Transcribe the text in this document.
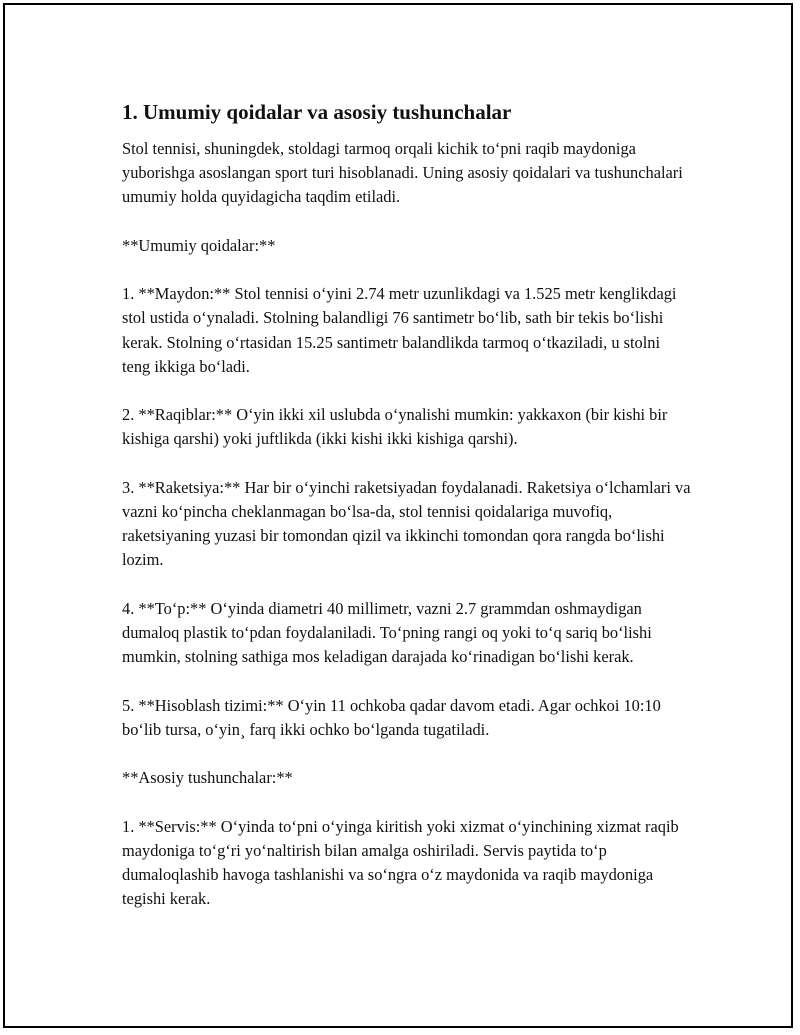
1. Umumiy qoidalar va asosiy tushunchalar

Stol tennisi, shuningdek, stoldagi tarmoq orqali kichik to‘pni raqib maydoniga yuborishga asoslangan sport turi hisoblanadi. Uning asosiy qoidalari va tushunchalari umumiy holda quyidagicha taqdim etiladi.

**Umumiy qoidalar:**

1. **Maydon:** Stol tennisi o‘yini 2.74 metr uzunlikdagi va 1.525 metr kenglikdagi stol ustida o‘ynaladi. Stolning balandligi 76 santimetr bo‘lib, sath bir tekis bo‘lishi kerak. Stolning o‘rtasidan 15.25 santimetr balandlikda tarmoq o‘tkaziladi, u stolni teng ikkiga bo‘ladi.

2. **Raqiblar:** O‘yin ikki xil uslubda o‘ynalishi mumkin: yakkaxon (bir kishi bir kishiga qarshi) yoki juftlikda (ikki kishi ikki kishiga qarshi).

3. **Raketsiya:** Har bir o‘yinchi raketsiyadan foydalanadi. Raketsiya o‘lchamlari va vazni ko‘pincha cheklanmagan bo‘lsa-da, stol tennisi qoidalariga muvofiq, raketsiyaning yuzasi bir tomondan qizil va ikkinchi tomondan qora rangda bo‘lishi lozim.

4. **To‘p:** O‘yinda diametri 40 millimetr, vazni 2.7 grammdan oshmaydigan dumaloq plastik to‘pdan foydalaniladi. To‘pning rangi oq yoki to‘q sariq bo‘lishi mumkin, stolning sathiga mos keladigan darajada ko‘rinadigan bo‘lishi kerak.

5. **Hisoblash tizimi:** O‘yin 11 ochkoba qadar davom etadi. Agar ochkoi 10:10 bo‘lib tursa, o‘yin¸ farq ikki ochko bo‘lganda tugatiladi.

**Asosiy tushunchalar:**

1. **Servis:** O‘yinda to‘pni o‘yinga kiritish yoki xizmat o‘yinchining xizmat raqib maydoniga to‘g‘ri yo‘naltirish bilan amalga oshiriladi. Servis paytida to‘p dumaloqlashib havoga tashlanishi va so‘ngra o‘z maydonida va raqib maydoniga tegishi kerak.
